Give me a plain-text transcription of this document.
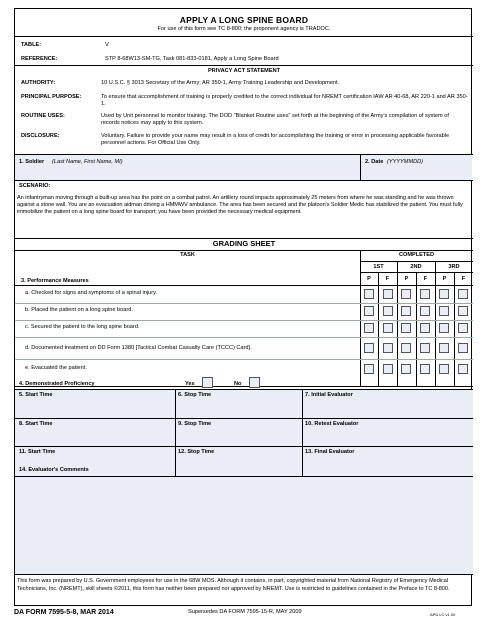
APPLY A LONG SPINE BOARD
For use of this form see TC 8-800; the proponent agency is TRADOC.
TABLE:	V
REFERENCE:	STP 8-68W13-SM-TG, Task 081-833-0181, Apply a Long Spine Board
PRIVACY ACT STATEMENT
AUTHORITY:	10 U.S.C. § 3013 Secretary of the Army; AR 350-1, Army Training Leadership and Development.
PRINCIPAL PURPOSE:	To ensure that accomplishment of training is properly credited to the correct individual for NREMT certification IAW AR 40-68, AR 220-1 and AR 350-1.
ROUTINE USES:	Used by Unit personnel to monitor training. The DOD "Blanket Routine uses" set forth at the beginning of the Army's compilation of system of records notices may apply to this system.
DISCLOSURE:	Voluntary. Failure to provide your name may result in a loss of credit for accomplishing the training or error in processing applicable favorable personnel actions. For Official Use Only.
1. Soldier (Last Name, First Name, MI)	2. Date (YYYYMMDD)
SCENARIO:
An infantryman moving through a built-up area has the point on a combat patrol. An artillery round impacts approximately 25 meters from where he was standing and he was thrown against a stone wall. You are an evacuation aidman driving a HMMWV ambulance. The area has been secured and the platoon's Soldier Medic has stabilized the patient. You must fully immobilize the patient on a long spine board for transport; you have been provided the necessary medical equipment.
GRADING SHEET
TASK	COMPLETED
3. Performance Measures
1ST	2ND	3RD
P	F	P	F	P	F
a. Checked for signs and symptoms of a spinal injury.
b. Placed the patient on a long spine board.
c. Secured the patient to the long spine board.
d. Documented treatment on DD Form 1380 [Tactical Combat Casualty Care (TCCC) Card].
e. Evacuated the patient.
4. Demonstrated Proficiency	Yes	No
5. Start Time	6. Stop Time	7. Initial Evaluator
8. Start Time	9. Stop Time	10. Retest Evaluator
11. Start Time	12. Stop Time	13. Final Evaluator
14. Evaluator's Comments
This form was prepared by U.S. Government employees for use in the 68W MOS. Although it contains, in part, copyrighted material from National Registry of Emergency Medical Technicians, Inc. (NREMT), skill sheets ©2011, this form has neither been prepared nor approved by NREMT. Use is restricted to guidelines contained in the Preface to TC 8-800.
DA FORM 7595-5-8, MAR 2014	Supersedes DA FORM 7595-15-R, MAY 2009	APD LC v1.00
